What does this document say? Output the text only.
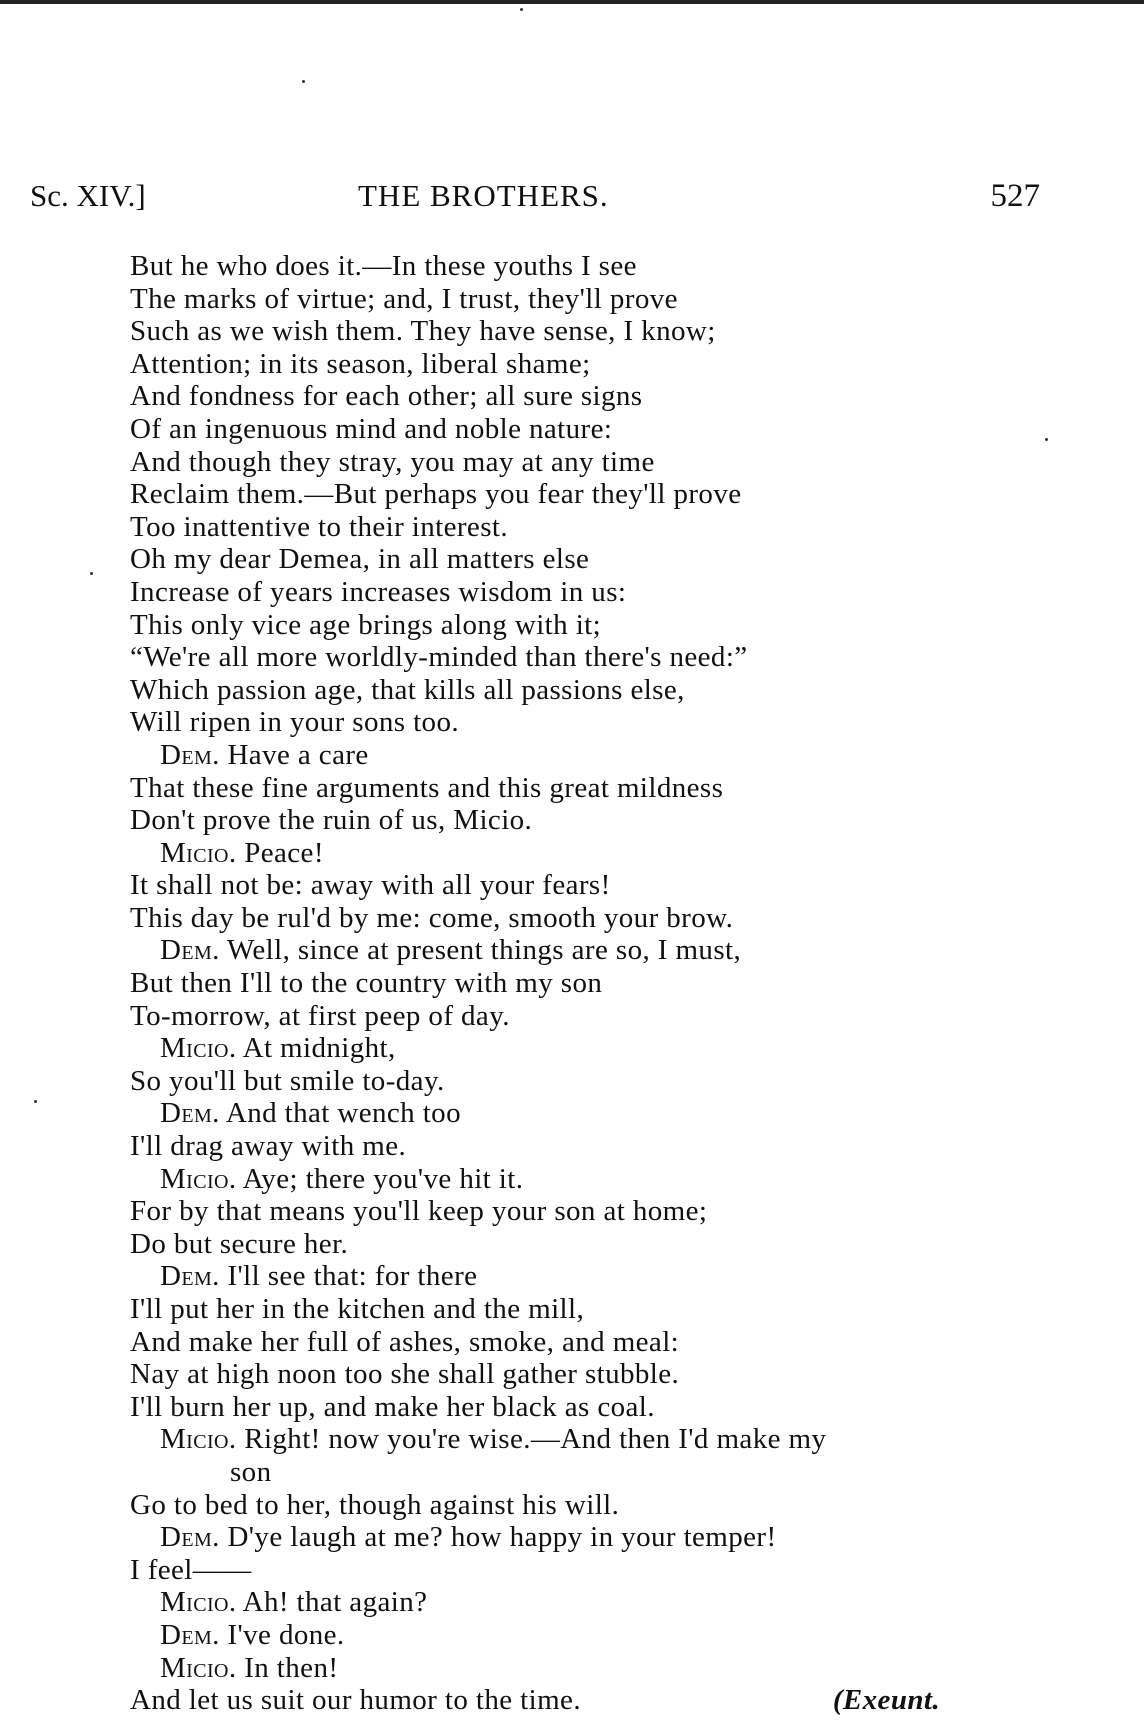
Sc. XIV.]	THE BROTHERS.	527
But he who does it.—In these youths I see
The marks of virtue; and, I trust, they'll prove
Such as we wish them. They have sense, I know;
Attention; in its season, liberal shame;
And fondness for each other; all sure signs
Of an ingenuous mind and noble nature:
And though they stray, you may at any time
Reclaim them.—But perhaps you fear they'll prove
Too inattentive to their interest.
Oh my dear Demea, in all matters else
Increase of years increases wisdom in us:
This only vice age brings along with it;
“We're all more worldly-minded than there's need:”
Which passion age, that kills all passions else,
Will ripen in your sons too.
Dem. Have a care
That these fine arguments and this great mildness
Don't prove the ruin of us, Micio.
Micio. Peace!
It shall not be: away with all your fears!
This day be rul'd by me: come, smooth your brow.
Dem. Well, since at present things are so, I must,
But then I'll to the country with my son
To-morrow, at first peep of day.
Micio. At midnight,
So you'll but smile to-day.
Dem. And that wench too
I'll drag away with me.
Micio. Aye; there you've hit it.
For by that means you'll keep your son at home;
Do but secure her.
Dem. I'll see that: for there
I'll put her in the kitchen and the mill,
And make her full of ashes, smoke, and meal:
Nay at high noon too she shall gather stubble.
I'll burn her up, and make her black as coal.
Micio. Right! now you're wise.—And then I'd make my
son
Go to bed to her, though against his will.
Dem. D'ye laugh at me? how happy in your temper!
I feel——
Micio. Ah! that again?
Dem. I've done.
Micio. In then!
And let us suit our humor to the time.	(Exeunt.
